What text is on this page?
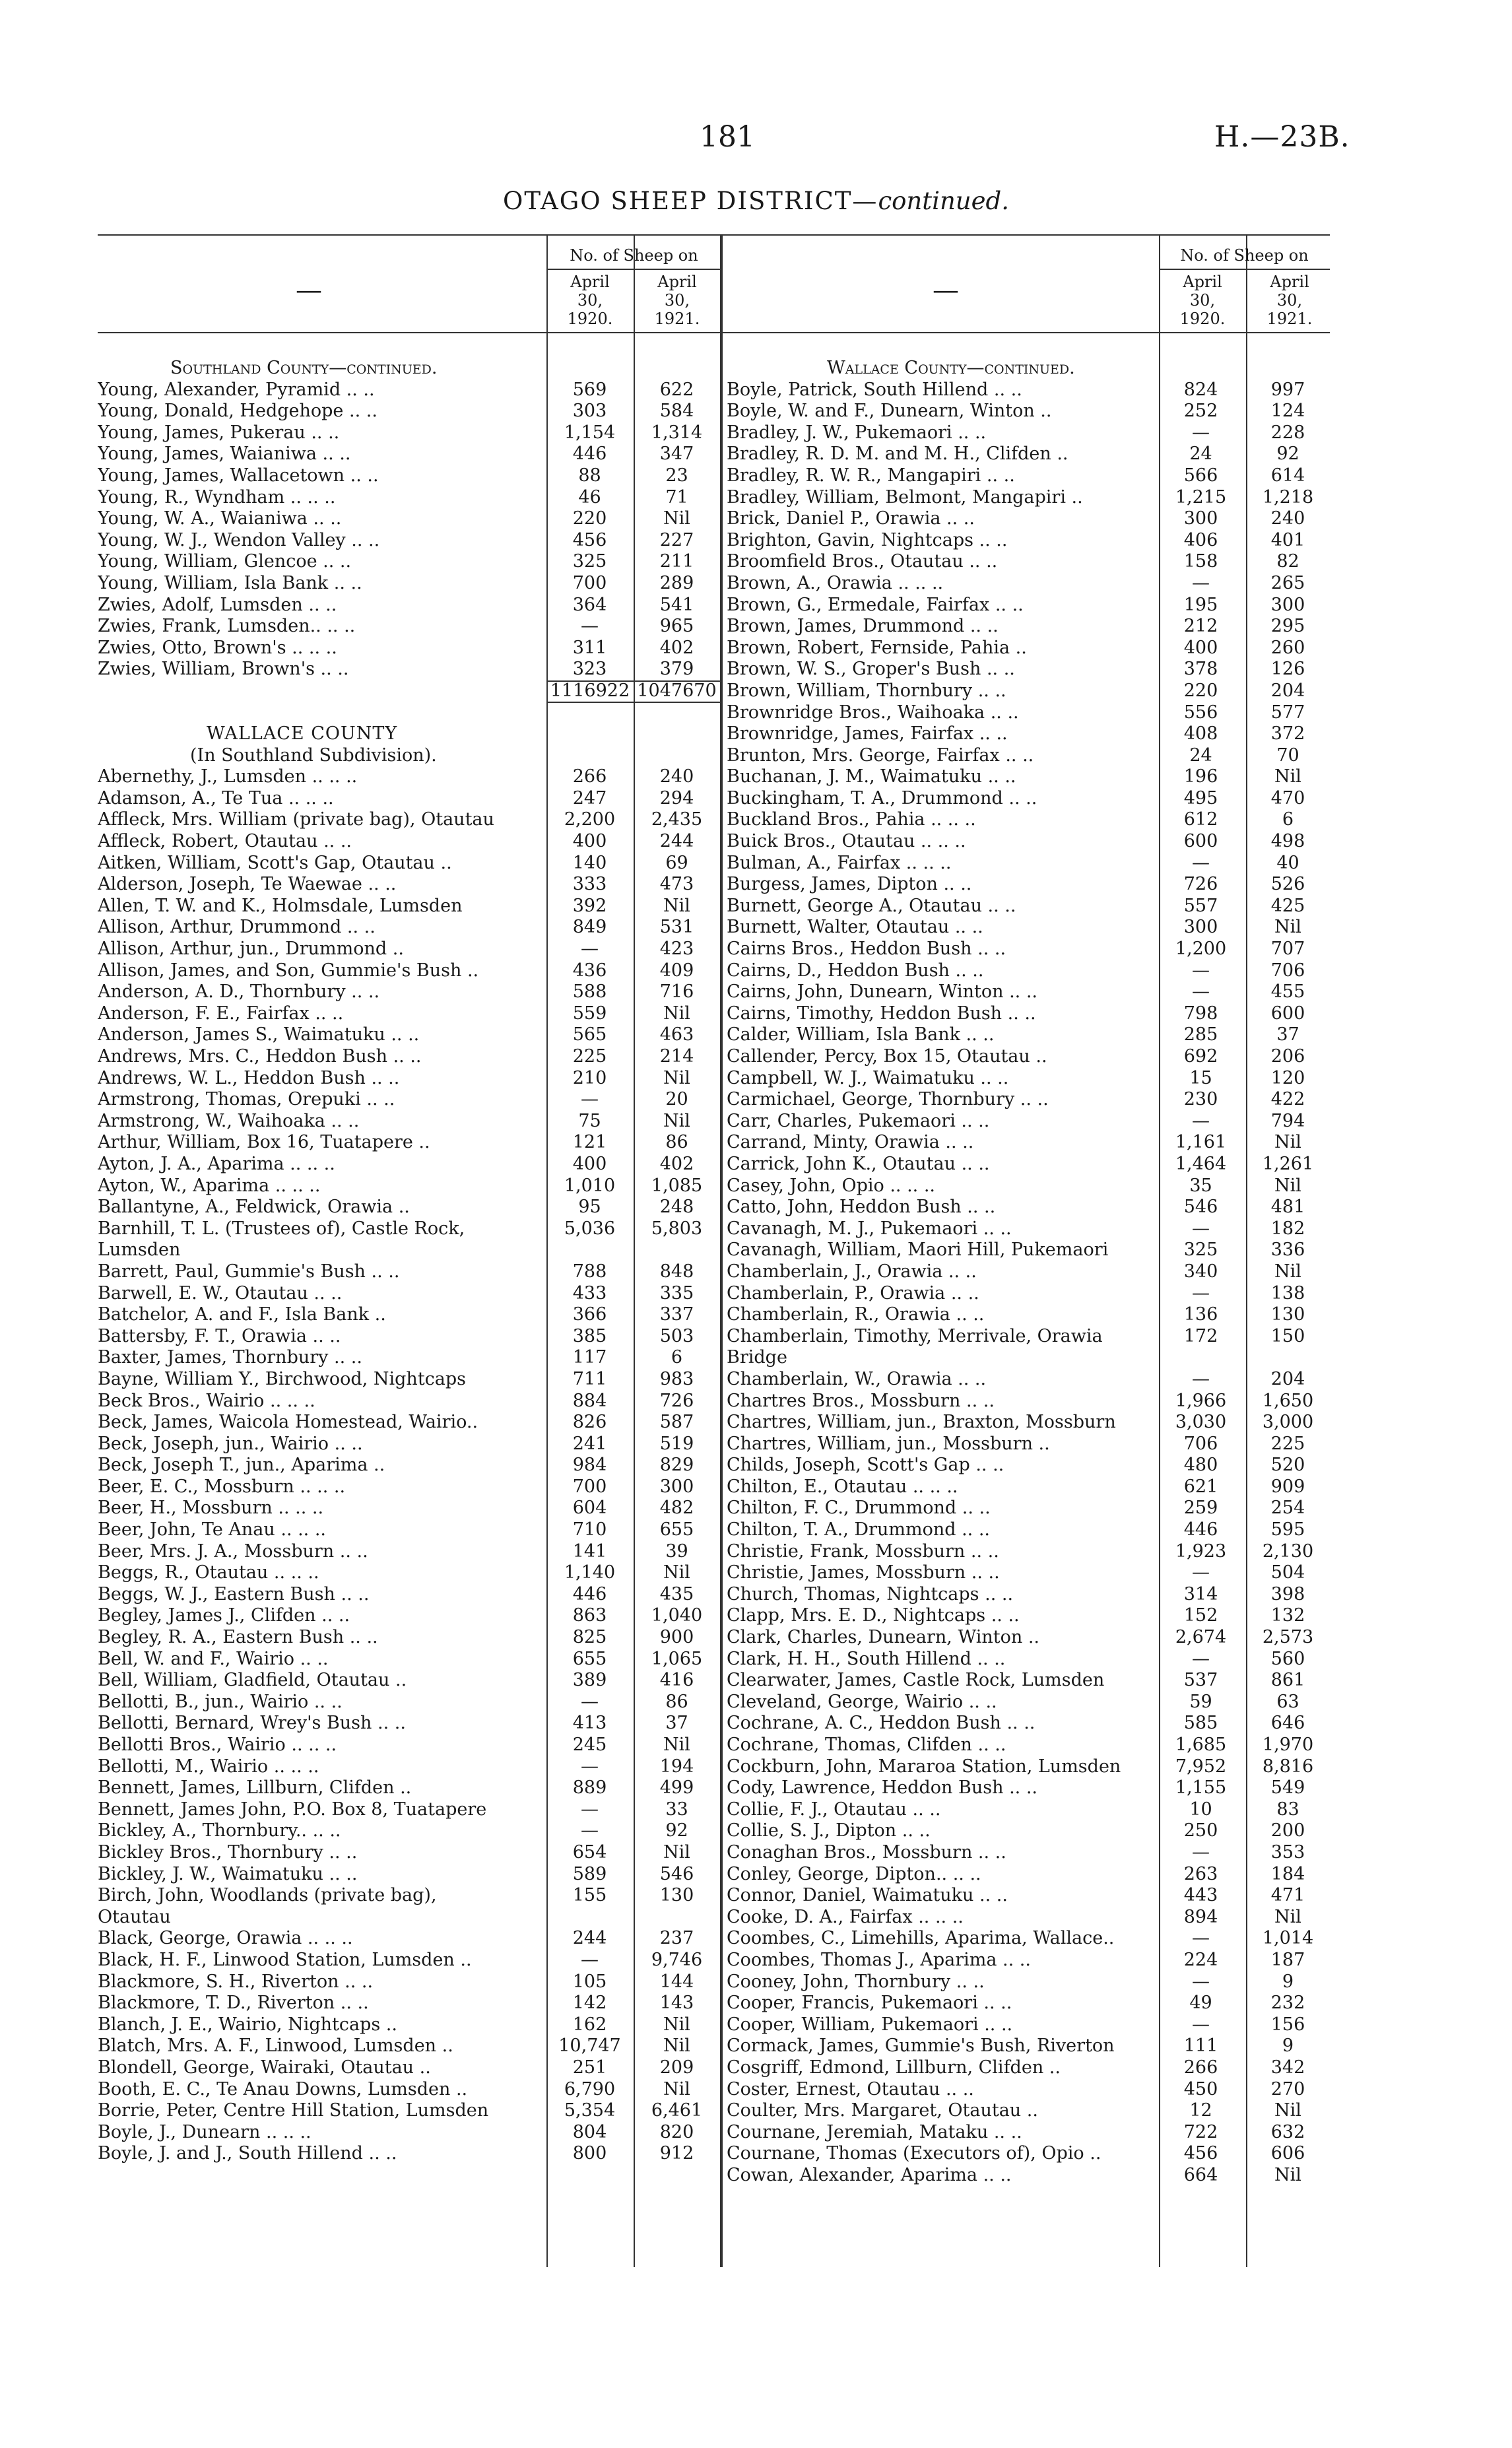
181	H.—23B.
OTAGO SHEEP DISTRICT—continued.
—
No. of Sheep on
April 30, 1920.
April 30, 1921.
Southland County—continued.
Young, Alexander, Pyramid .. ..	569	622
Young, Donald, Hedgehope .. ..	303	584
Young, James, Pukerau .. ..	1,154	1,314
Young, James, Waianiwa .. ..	446	347
Young, James, Wallacetown .. ..	88	23
Young, R., Wyndham .. .. ..	46	71
Young, W. A., Waianiwa .. ..	220	Nil
Young, W. J., Wendon Valley .. ..	456	227
Young, William, Glencoe .. ..	325	211
Young, William, Isla Bank .. ..	700	289
Zwies, Adolf, Lumsden .. ..	364	541
Zwies, Frank, Lumsden.. .. ..	—	965
Zwies, Otto, Brown's .. .. ..	311	402
Zwies, William, Brown's .. ..	323	379
1116922 1047670
WALLACE COUNTY
(In Southland Subdivision).
Abernethy, J., Lumsden .. .. ..	266	240
Adamson, A., Te Tua .. .. ..	247	294
Affleck, Mrs. William (private bag), Otautau	2,200	2,435
Affleck, Robert, Otautau .. ..	400	244
Aitken, William, Scott's Gap, Otautau ..	140	69
Alderson, Joseph, Te Waewae .. ..	333	473
Allen, T. W. and K., Holmsdale, Lumsden	392	Nil
Allison, Arthur, Drummond .. ..	849	531
Allison, Arthur, jun., Drummond ..	—	423
Allison, James, and Son, Gummie's Bush ..	436	409
Anderson, A. D., Thornbury .. ..	588	716
Anderson, F. E., Fairfax .. ..	559	Nil
Anderson, James S., Waimatuku .. ..	565	463
Andrews, Mrs. C., Heddon Bush .. ..	225	214
Andrews, W. L., Heddon Bush .. ..	210	Nil
Armstrong, Thomas, Orepuki .. ..	—	20
Armstrong, W., Waihoaka .. ..	75	Nil
Arthur, William, Box 16, Tuatapere ..	121	86
Ayton, J. A., Aparima .. .. ..	400	402
Ayton, W., Aparima .. .. ..	1,010	1,085
Ballantyne, A., Feldwick, Orawia ..	95	248
Barnhill, T. L. (Trustees of), Castle Rock,	5,036	5,803
Lumsden
Barrett, Paul, Gummie's Bush .. ..	788	848
Barwell, E. W., Otautau .. ..	433	335
Batchelor, A. and F., Isla Bank ..	366	337
Battersby, F. T., Orawia .. ..	385	503
Baxter, James, Thornbury .. ..	117	6
Bayne, William Y., Birchwood, Nightcaps	711	983
Beck Bros., Wairio .. .. ..	884	726
Beck, James, Waicola Homestead, Wairio..	826	587
Beck, Joseph, jun., Wairio .. ..	241	519
Beck, Joseph T., jun., Aparima ..	984	829
Beer, E. C., Mossburn .. .. ..	700	300
Beer, H., Mossburn .. .. ..	604	482
Beer, John, Te Anau .. .. ..	710	655
Beer, Mrs. J. A., Mossburn .. ..	141	39
Beggs, R., Otautau .. .. ..	1,140	Nil
Beggs, W. J., Eastern Bush .. ..	446	435
Begley, James J., Clifden .. ..	863	1,040
Begley, R. A., Eastern Bush .. ..	825	900
Bell, W. and F., Wairio .. ..	655	1,065
Bell, William, Gladfield, Otautau ..	389	416
Bellotti, B., jun., Wairio .. ..	—	86
Bellotti, Bernard, Wrey's Bush .. ..	413	37
Bellotti Bros., Wairio .. .. ..	245	Nil
Bellotti, M., Wairio .. .. ..	—	194
Bennett, James, Lillburn, Clifden ..	889	499
Bennett, James John, P.O. Box 8, Tuatapere	—	33
Bickley, A., Thornbury.. .. ..	—	92
Bickley Bros., Thornbury .. ..	654	Nil
Bickley, J. W., Waimatuku .. ..	589	546
Birch, John, Woodlands (private bag),	155	130
Otautau
Black, George, Orawia .. .. ..	244	237
Black, H. F., Linwood Station, Lumsden ..	—	9,746
Blackmore, S. H., Riverton .. ..	105	144
Blackmore, T. D., Riverton .. ..	142	143
Blanch, J. E., Wairio, Nightcaps ..	162	Nil
Blatch, Mrs. A. F., Linwood, Lumsden ..	10,747	Nil
Blondell, George, Wairaki, Otautau ..	251	209
Booth, E. C., Te Anau Downs, Lumsden ..	6,790	Nil
Borrie, Peter, Centre Hill Station, Lumsden	5,354	6,461
Boyle, J., Dunearn .. .. ..	804	820
Boyle, J. and J., South Hillend .. ..	800	912
—
No. of Sheep on
April 30, 1920.
April 30, 1921.
Wallace County—continued.
Boyle, Patrick, South Hillend .. ..	824	997
Boyle, W. and F., Dunearn, Winton ..	252	124
Bradley, J. W., Pukemaori .. ..	—	228
Bradley, R. D. M. and M. H., Clifden ..	24	92
Bradley, R. W. R., Mangapiri .. ..	566	614
Bradley, William, Belmont, Mangapiri ..	1,215	1,218
Brick, Daniel P., Orawia .. ..	300	240
Brighton, Gavin, Nightcaps .. ..	406	401
Broomfield Bros., Otautau .. ..	158	82
Brown, A., Orawia .. .. ..	—	265
Brown, G., Ermedale, Fairfax .. ..	195	300
Brown, James, Drummond .. ..	212	295
Brown, Robert, Fernside, Pahia ..	400	260
Brown, W. S., Groper's Bush .. ..	378	126
Brown, William, Thornbury .. ..	220	204
Brownridge Bros., Waihoaka .. ..	556	577
Brownridge, James, Fairfax .. ..	408	372
Brunton, Mrs. George, Fairfax .. ..	24	70
Buchanan, J. M., Waimatuku .. ..	196	Nil
Buckingham, T. A., Drummond .. ..	495	470
Buckland Bros., Pahia .. .. ..	612	6
Buick Bros., Otautau .. .. ..	600	498
Bulman, A., Fairfax .. .. ..	—	40
Burgess, James, Dipton .. ..	726	526
Burnett, George A., Otautau .. ..	557	425
Burnett, Walter, Otautau .. ..	300	Nil
Cairns Bros., Heddon Bush .. ..	1,200	707
Cairns, D., Heddon Bush .. ..	—	706
Cairns, John, Dunearn, Winton .. ..	—	455
Cairns, Timothy, Heddon Bush .. ..	798	600
Calder, William, Isla Bank .. ..	285	37
Callender, Percy, Box 15, Otautau ..	692	206
Campbell, W. J., Waimatuku .. ..	15	120
Carmichael, George, Thornbury .. ..	230	422
Carr, Charles, Pukemaori .. ..	—	794
Carrand, Minty, Orawia .. ..	1,161	Nil
Carrick, John K., Otautau .. ..	1,464	1,261
Casey, John, Opio .. .. ..	35	Nil
Catto, John, Heddon Bush .. ..	546	481
Cavanagh, M. J., Pukemaori .. ..	—	182
Cavanagh, William, Maori Hill, Pukemaori	325	336
Chamberlain, J., Orawia .. ..	340	Nil
Chamberlain, P., Orawia .. ..	—	138
Chamberlain, R., Orawia .. ..	136	130
Chamberlain, Timothy, Merrivale, Orawia	172	150
Bridge
Chamberlain, W., Orawia .. ..	—	204
Chartres Bros., Mossburn .. ..	1,966	1,650
Chartres, William, jun., Braxton, Mossburn	3,030	3,000
Chartres, William, jun., Mossburn ..	706	225
Childs, Joseph, Scott's Gap .. ..	480	520
Chilton, E., Otautau .. .. ..	621	909
Chilton, F. C., Drummond .. ..	259	254
Chilton, T. A., Drummond .. ..	446	595
Christie, Frank, Mossburn .. ..	1,923	2,130
Christie, James, Mossburn .. ..	—	504
Church, Thomas, Nightcaps .. ..	314	398
Clapp, Mrs. E. D., Nightcaps .. ..	152	132
Clark, Charles, Dunearn, Winton ..	2,674	2,573
Clark, H. H., South Hillend .. ..	—	560
Clearwater, James, Castle Rock, Lumsden	537	861
Cleveland, George, Wairio .. ..	59	63
Cochrane, A. C., Heddon Bush .. ..	585	646
Cochrane, Thomas, Clifden .. ..	1,685	1,970
Cockburn, John, Mararoa Station, Lumsden	7,952	8,816
Cody, Lawrence, Heddon Bush .. ..	1,155	549
Collie, F. J., Otautau .. ..	10	83
Collie, S. J., Dipton .. ..	250	200
Conaghan Bros., Mossburn .. ..	—	353
Conley, George, Dipton.. .. ..	263	184
Connor, Daniel, Waimatuku .. ..	443	471
Cooke, D. A., Fairfax .. .. ..	894	Nil
Coombes, C., Limehills, Aparima, Wallace..	—	1,014
Coombes, Thomas J., Aparima .. ..	224	187
Cooney, John, Thornbury .. ..	—	9
Cooper, Francis, Pukemaori .. ..	49	232
Cooper, William, Pukemaori .. ..	—	156
Cormack, James, Gummie's Bush, Riverton	111	9
Cosgriff, Edmond, Lillburn, Clifden ..	266	342
Coster, Ernest, Otautau .. ..	450	270
Coulter, Mrs. Margaret, Otautau ..	12	Nil
Cournane, Jeremiah, Mataku .. ..	722	632
Cournane, Thomas (Executors of), Opio ..	456	606
Cowan, Alexander, Aparima .. ..	664	Nil
